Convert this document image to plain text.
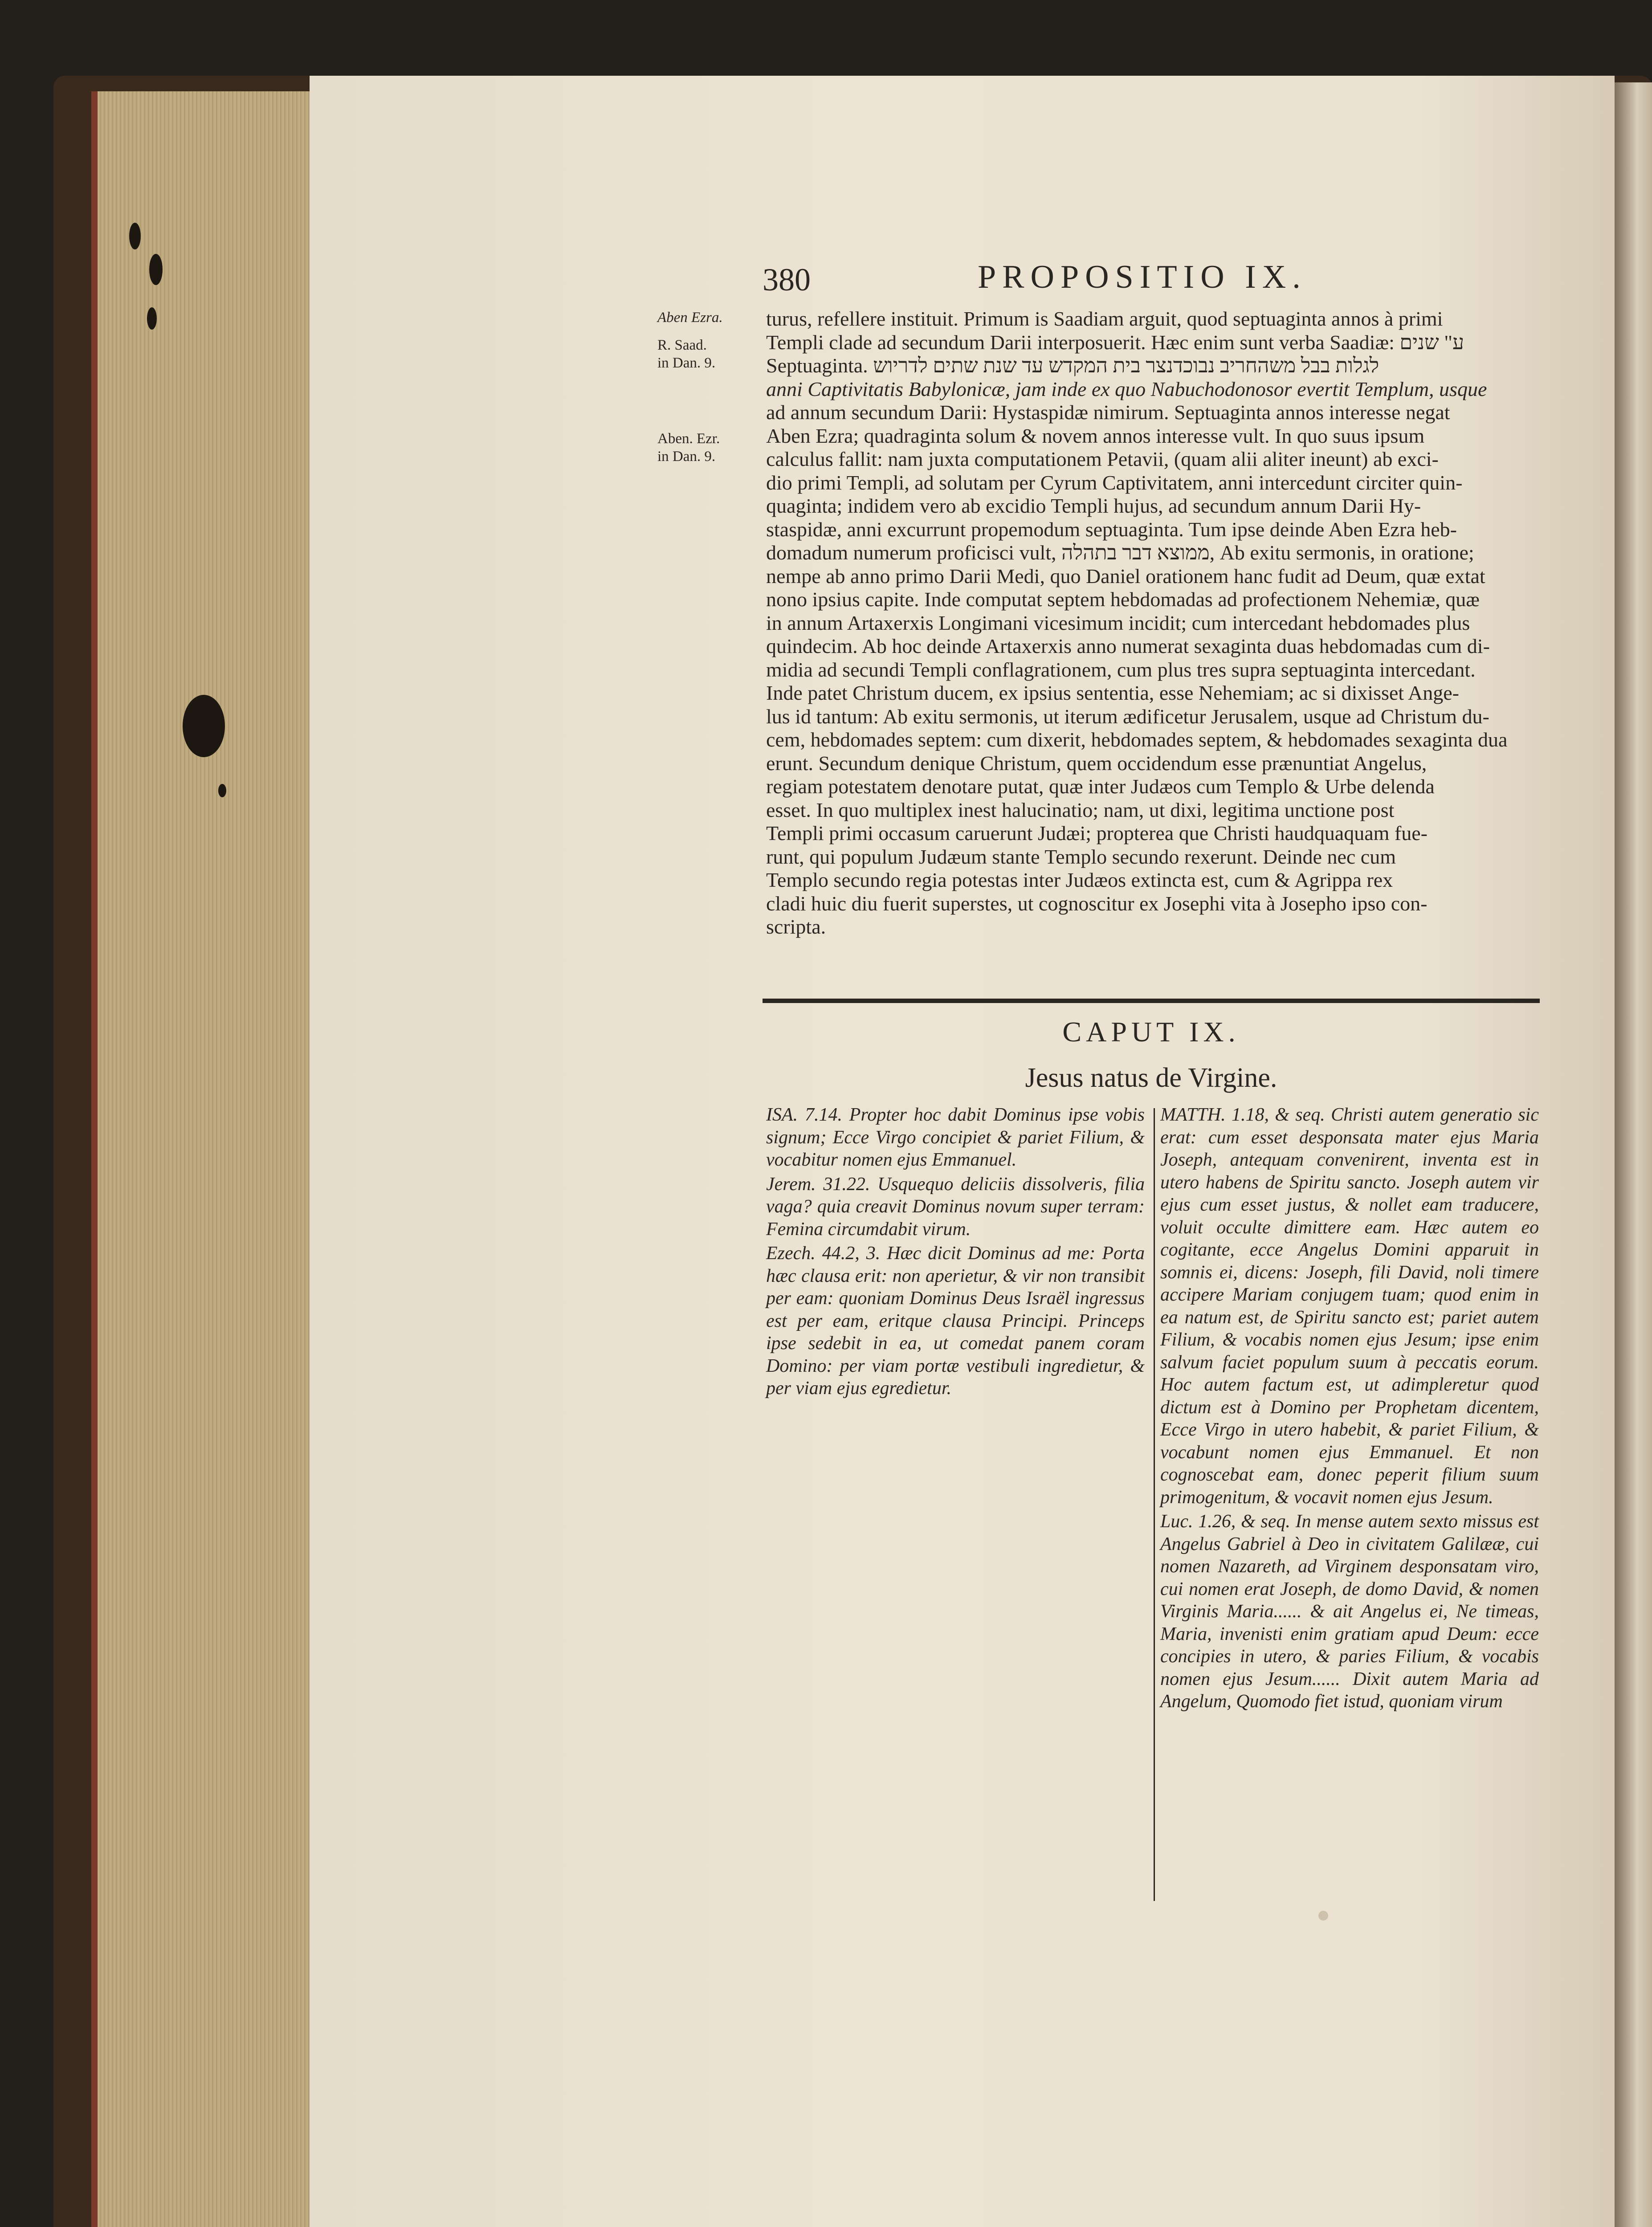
380	PROPOSITIO IX.
Aben Ezra.
R. Saad. in Dan. 9.
Aben. Ezr. in Dan. 9.

turus, refellere instituit. Primum is Saadiam arguit, quod septuaginta annos à primi

Templi clade ad secundum Darii interposuerit. Hæc enim sunt verba Saadiæ: ע" שנים

Septuaginta. לגלות בבל משהחריב נבוכדנצר בית המקדש עד שנת שתים לדריוש

anni Captivitatis Babylonicæ, jam inde ex quo Nabuchodonosor evertit Templum, usque

ad annum secundum Darii: Hystaspidæ nimirum. Septuaginta annos interesse negat

Aben Ezra; quadraginta solum & novem annos interesse vult. In quo suus ipsum

calculus fallit: nam juxta computationem Petavii, (quam alii aliter ineunt) ab exci-

dio primi Templi, ad solutam per Cyrum Captivitatem, anni intercedunt circiter quin-

quaginta; indidem vero ab excidio Templi hujus, ad secundum annum Darii Hy-

staspidæ, anni excurrunt propemodum septuaginta. Tum ipse deinde Aben Ezra heb-

domadum numerum proficisci vult, ממוצא דבר בתהלה, Ab exitu sermonis, in oratione;

nempe ab anno primo Darii Medi, quo Daniel orationem hanc fudit ad Deum, quæ extat

nono ipsius capite. Inde computat septem hebdomadas ad profectionem Nehemiæ, quæ

in annum Artaxerxis Longimani vicesimum incidit; cum intercedant hebdomades plus

quindecim. Ab hoc deinde Artaxerxis anno numerat sexaginta duas hebdomadas cum di-

midia ad secundi Templi conflagrationem, cum plus tres supra septuaginta intercedant.

Inde patet Christum ducem, ex ipsius sententia, esse Nehemiam; ac si dixisset Ange-

lus id tantum: Ab exitu sermonis, ut iterum ædificetur Jerusalem, usque ad Christum du-

cem, hebdomades septem: cum dixerit, hebdomades septem, & hebdomades sexaginta dua

erunt. Secundum denique Christum, quem occidendum esse prænuntiat Angelus,

regiam potestatem denotare putat, quæ inter Judæos cum Templo & Urbe delenda

esset. In quo multiplex inest halucinatio; nam, ut dixi, legitima unctione post

Templi primi occasum caruerunt Judæi; propterea que Christi haudquaquam fue-

runt, qui populum Judæum stante Templo secundo rexerunt. Deinde nec cum

Templo secundo regia potestas inter Judæos extincta est, cum & Agrippa rex

cladi huic diu fuerit superstes, ut cognoscitur ex Josephi vita à Josepho ipso con-

scripta.

CAPUT IX.
Jesus natus de Virgine.

ISA. 7.14. Propter hoc dabit Dominus ipse vobis signum; Ecce Virgo concipiet & pariet Filium, & vocabitur nomen ejus Emmanuel.

Jerem. 31.22. Usquequo deliciis dissolveris, filia vaga? quia creavit Dominus novum super terram: Femina circumdabit virum.

Ezech. 44.2, 3. Hæc dicit Dominus ad me: Porta hæc clausa erit: non aperietur, & vir non transibit per eam: quoniam Dominus Deus Israël ingressus est per eam, eritque clausa Principi. Princeps ipse sedebit in ea, ut comedat panem coram Domino: per viam portæ vestibuli ingredietur, & per viam ejus egredietur.

MATTH. 1.18, & seq. Christi autem generatio sic erat: cum esset desponsata mater ejus Maria Joseph, antequam convenirent, inventa est in utero habens de Spiritu sancto. Joseph autem vir ejus cum esset justus, & nollet eam traducere, voluit occulte dimittere eam. Hæc autem eo cogitante, ecce Angelus Domini apparuit in somnis ei, dicens: Joseph, fili David, noli timere accipere Mariam conjugem tuam; quod enim in ea natum est, de Spiritu sancto est; pariet autem Filium, & vocabis nomen ejus Jesum; ipse enim salvum faciet populum suum à peccatis eorum. Hoc autem factum est, ut adimpleretur quod dictum est à Domino per Prophetam dicentem, Ecce Virgo in utero habebit, & pariet Filium, & vocabunt nomen ejus Emmanuel. Et non cognoscebat eam, donec peperit filium suum primogenitum, & vocavit nomen ejus Jesum.

Luc. 1.26, & seq. In mense autem sexto missus est Angelus Gabriel à Deo in civitatem Galilææ, cui nomen Nazareth, ad Virginem desponsatam viro, cui nomen erat Joseph, de domo David, & nomen Virginis Maria...... & ait Angelus ei, Ne timeas, Maria, invenisti enim gratiam apud Deum: ecce concipies in utero, & paries Filium, & vocabis nomen ejus Jesum...... Dixit autem Maria ad Angelum, Quomodo fiet istud, quoniam virum
